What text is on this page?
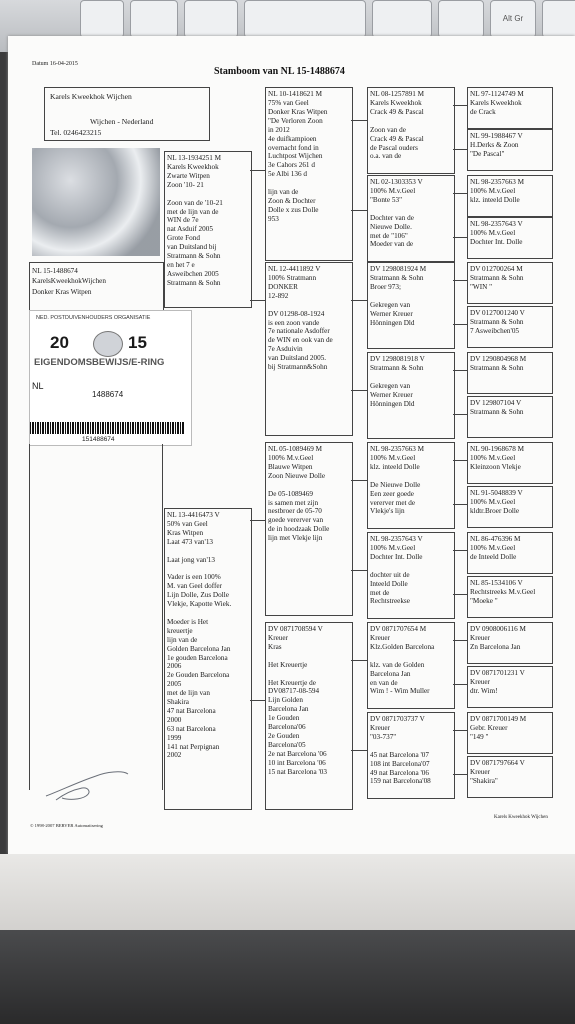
Alt Gr
Datum 16-04-2015
Stamboom van NL 15-1488674
Karels Kweekhok Wijchen
Wijchen - Nederland
Tel. 0246423215
NL 15-1488674
KarelsKweekhokWijchen
Donker Kras Witpen
NED. POSTDUIVENHOUDERS ORGANISATIE
20	15
EIGENDOMSBEWIJS/E-RING
NL
1488674
151488674
NL 13-1934251 M
Karels Kweekhok
Zwarte Witpen
Zoon '10- 21
Zoon van de '10-21
met de lijn van de
WIN de 7e
nat Asduif 2005
Grote Fond
van Duitsland bij
Stratmann & Sohn
en het 7 e
Asweibchen 2005
Stratmann & Sohn
NL 13-4416473 V
50% van Geel
Kras Witpen
Laat 473 van'13
Laat jong van'13
Vader is een 100%
M. van Geel doffer
Lijn Dolle, Zus Dolle
Vlekje, Kapotte Wiek.
Moeder is Het
kreuertje
lijn van de
Golden Barcelona Jan
1e gouden Barcelona
2006
2e Gouden Barcelona
2005
met de lijn van
Shakira
47 nat Barcelona
2000
63 nat Barcelona
1999
141 nat Perpignan
2002
NL 10-1418621 M
75% van Geel
Donker Kras Witpen
"De Verloren Zoon
in 2012
4e duifkampioen
overnacht fond in
Luchtpost Wijchen
3e Cahors 261 d
5e Albi 136 d
lijn van de
Zoon & Dochter
Dolle x zus Dolle
953
NL 12-4411892 V
100% Stratmann
DONKER
12-892
DV 01298-08-1924
is een zoon vande
7e nationale Asdoffer
de WIN en ook van de
7e Asduivin
van Duitsland 2005.
bij Stratmann&Sohn
NL 05-1089469 M
100% M.v.Geel
Blauwe Witpen
Zoon Nieuwe Dolle
De 05-1089469
is samen met zijn
nestbroer de 05-70
goede vererver van
de in hoodzaak Dolle
lijn met Vlekje lijn
DV 0871708594 V
Kreuer
Kras
Het Kreuertje
Het Kreuertje de
DV08717-08-594
Lijn Golden
Barcelona Jan
1e Gouden
Barcelona'06
2e Gouden
Barcelona'05
2e nat Barcelona '06
10 int Barcelona '06
15 nat Barcelona '03
NL 08-1257891 M
Karels Kweekhok
Crack 49 & Pascal
Zoon van de
Crack 49 & Pascal
de Pascal ouders
o.a. van de
NL 02-1303353 V
100% M.v.Geel
"Bonte 53"
Dochter van de
Nieuwe Dolle.
met de "106"
Moeder van de
DV 1298081924 M
Stratmann & Sohn
Broer 973;
Gekregen van
Werner Kreuer
Hönningen Dld
DV 1298081918 V
Stratmann & Sohn
Gekregen van
Werner Kreuer
Hönningen Dld
NL 98-2357663 M
100% M.v.Geel
klz. inteeld Dolle
De Nieuwe Dolle
Een zeer goede
vererver met de
Vlekje's lijn
NL 98-2357643 V
100% M.v.Geel
Dochter Int. Dolle
dochter uit de
Inteeld Dolle
met de
Rechtstreekse
DV 0871707654 M
Kreuer
Klz.Golden Barcelona
klz. van de Golden
Barcelona Jan
en van de
Wim ! - Wim Muller
DV 0871703737 V
Kreuer
"03-737"
45 nat Barcelona '07
108 int Barcelona'07
49 nat Barcelona '06
159 nat Barcelona'08
NL 97-1124749 M
Karels Kweekhok
de Crack
NL 99-1988467 V
H.Derks & Zoon
"De Pascal"
NL 98-2357663 M
100% M.v.Geel
klz. inteeld Dolle
NL 98-2357643 V
100% M.v.Geel
Dochter Int. Dolle
DV 012700264 M
Stratmann & Sohn
"WIN "
DV 0127001240 V
Stratmann & Sohn
7 Asweibchen'05
DV 1290804968 M
Stratmann & Sohn
DV 129807104 V
Stratmann & Sohn
NL 90-1968678 M
100% M.v.Geel
Kleinzoon Vlekje
NL 91-5048839 V
100% M.v.Geel
kldtr.Broer Dolle
NL 86-476396 M
100% M.v.Geel
de Inteeld Dolle
NL 85-1534106 V
Rechtstreeks M.v.Geel
"Moeke "
DV 0908006116 M
Kreuer
Zn Barcelona Jan
DV 0871701231 V
Kreuer
dtr. Wim!
DV 0871700149 M
Gebr. Kreuer
"149 "
DV 0871797664 V
Kreuer
"Shakira"
© 1998-2007 BERVER Automatisering
Karels Kweekhok Wijchen
